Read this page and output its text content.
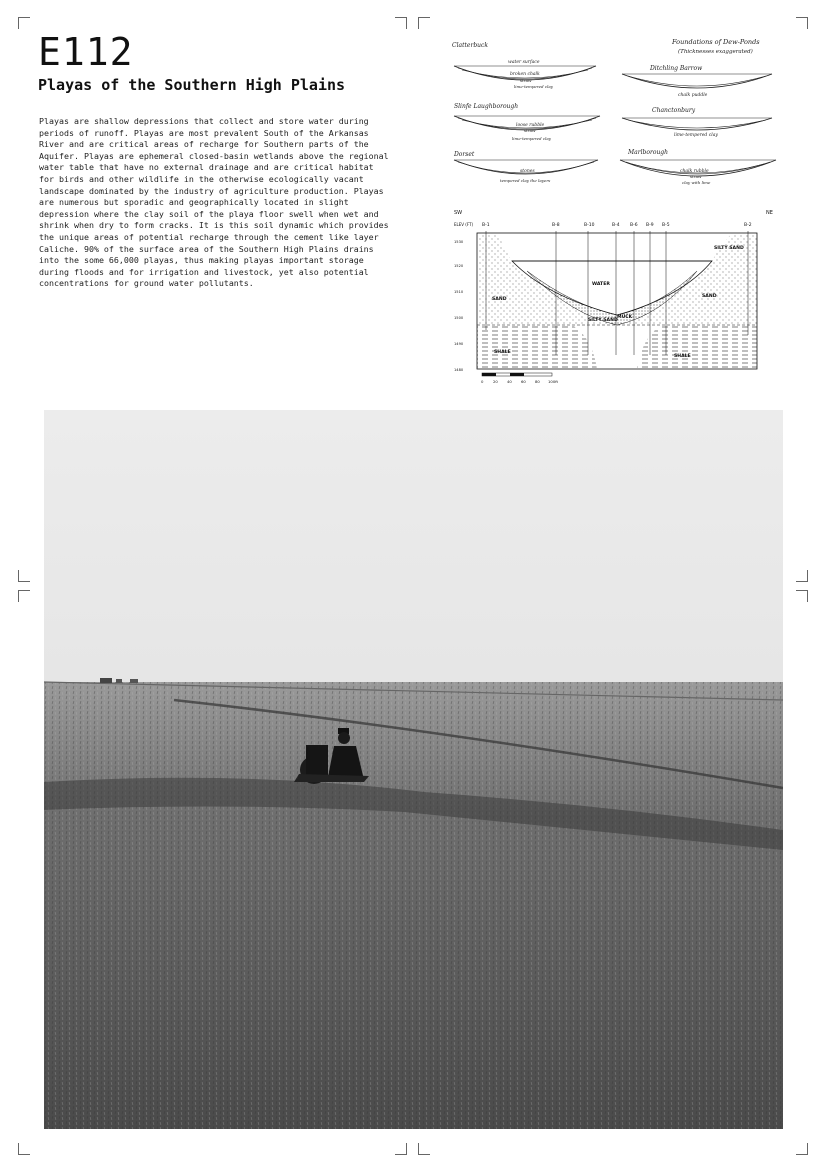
E112
Playas of the Southern High Plains

Playas are shallow depressions that collect and store water during periods of runoff. Playas are most prevalent South of the Arkansas River and are critical areas of recharge for Southern parts of the Aquifer. Playas are ephemeral closed-basin wetlands above the regional water table that have no external drainage and are critical habitat for birds and other wildlife in the otherwise ecologically vacant landscape dominated by the industry of agriculture production. Playas are numerous but sporadic and geographically located in slight depression where the clay soil of the playa floor swell when wet and shrink when dry to form cracks. It is this soil dynamic which provides the unique areas of potential recharge through the cement like layer Caliche. 90% of the surface area of the Southern High Plains drains into the some 66,000 playas, thus making playas important storage during floods and for irrigation and livestock, yet also potential concentrations for ground water pollutants.

Foundations of Dew-Ponds
(Thicknesses exaggerated)
Clatterbuck
water surface
broken chalk
straw
lime-tempered clay
Ditchling Barrow
chalk puddle
Slinfe Laughborough
loose rubble
straw
lime-tempered clay
Chanctonbury
lime-tempered clay
Dorset
stones
tempered clay the layers
Marlborough
chalk rubble
straw
clay with lime
SW	NE
ELEV (FT) B-1	B-8	B-10	B-4 B-6 B-9 B-5	B-2
1530
1520
1510
1500
1490
1480
SILTY SAND
WATER
SAND
SAND
SILTY SAND
MUCK
SHALE
SHALE
0	20 40 60 80 100ft
